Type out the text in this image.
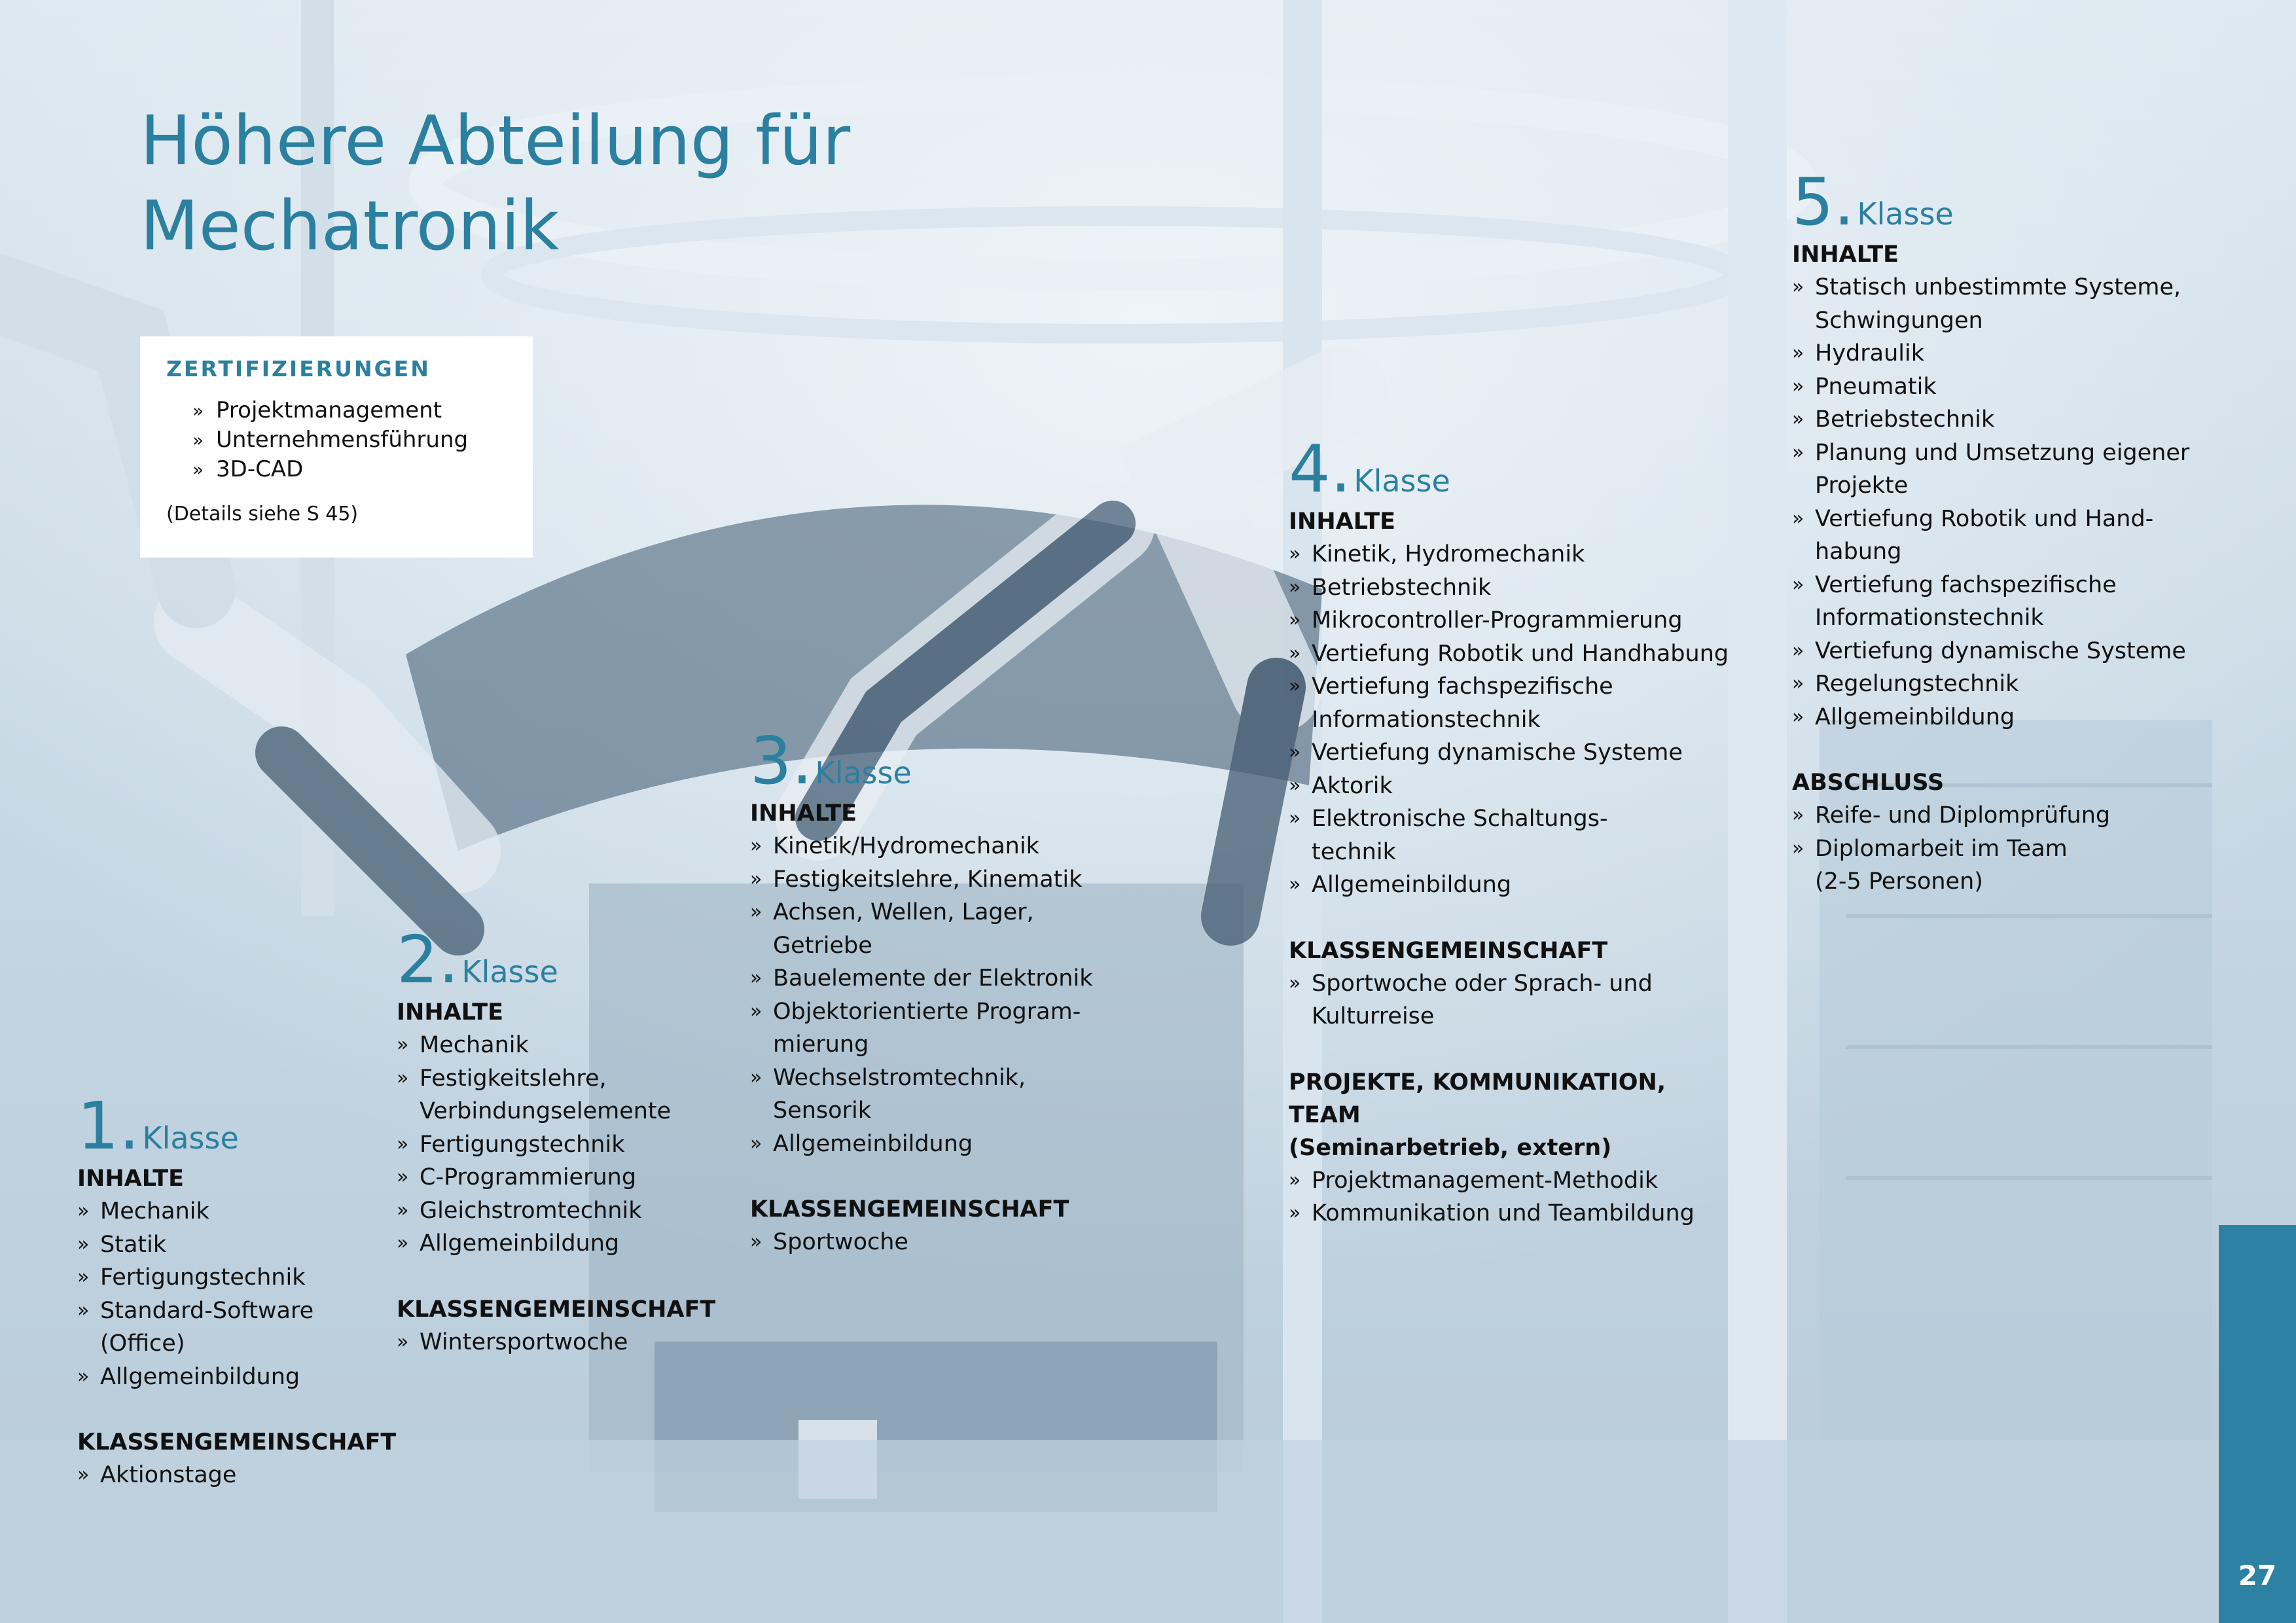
Höhere Abteilung für
Mechatronik
ZERTIFIZIERUNGEN
» Projektmanagement
» Unternehmensführung
» 3D-CAD
(Details siehe S 45)
1.Klasse
INHALTE
» Mechanik
» Statik
» Fertigungstechnik
» Standard-Software
(Office)
» Allgemeinbildung
KLASSENGEMEINSCHAFT
» Aktionstage
2.Klasse
INHALTE
» Mechanik
» Festigkeitslehre,
Verbindungselemente
» Fertigungstechnik
» C-Programmierung
» Gleichstromtechnik
» Allgemeinbildung
KLASSENGEMEINSCHAFT
» Wintersportwoche
3.Klasse
INHALTE
» Kinetik/Hydromechanik
» Festigkeitslehre, Kinematik
» Achsen, Wellen, Lager,
Getriebe
» Bauelemente der Elektronik
» Objektorientierte Program-
mierung
» Wechselstromtechnik,
Sensorik
» Allgemeinbildung
KLASSENGEMEINSCHAFT
» Sportwoche
4.Klasse
INHALTE
» Kinetik, Hydromechanik
» Betriebstechnik
» Mikrocontroller-Programmierung
» Vertiefung Robotik und Handhabung
» Vertiefung fachspezifische
Informationstechnik
» Vertiefung dynamische Systeme
» Aktorik
» Elektronische Schaltungs-
technik
» Allgemeinbildung
KLASSENGEMEINSCHAFT
» Sportwoche oder Sprach- und
Kulturreise
PROJEKTE, KOMMUNIKATION, TEAM
(Seminarbetrieb, extern)
» Projektmanagement-Methodik
» Kommunikation und Teambildung
5.Klasse
INHALTE
» Statisch unbestimmte Systeme,
Schwingungen
» Hydraulik
» Pneumatik
» Betriebstechnik
» Planung und Umsetzung eigener
Projekte
» Vertiefung Robotik und Hand-
habung
» Vertiefung fachspezifische
Informationstechnik
» Vertiefung dynamische Systeme
» Regelungstechnik
» Allgemeinbildung
ABSCHLUSS
» Reife- und Diplomprüfung
» Diplomarbeit im Team
(2-5 Personen)
27
